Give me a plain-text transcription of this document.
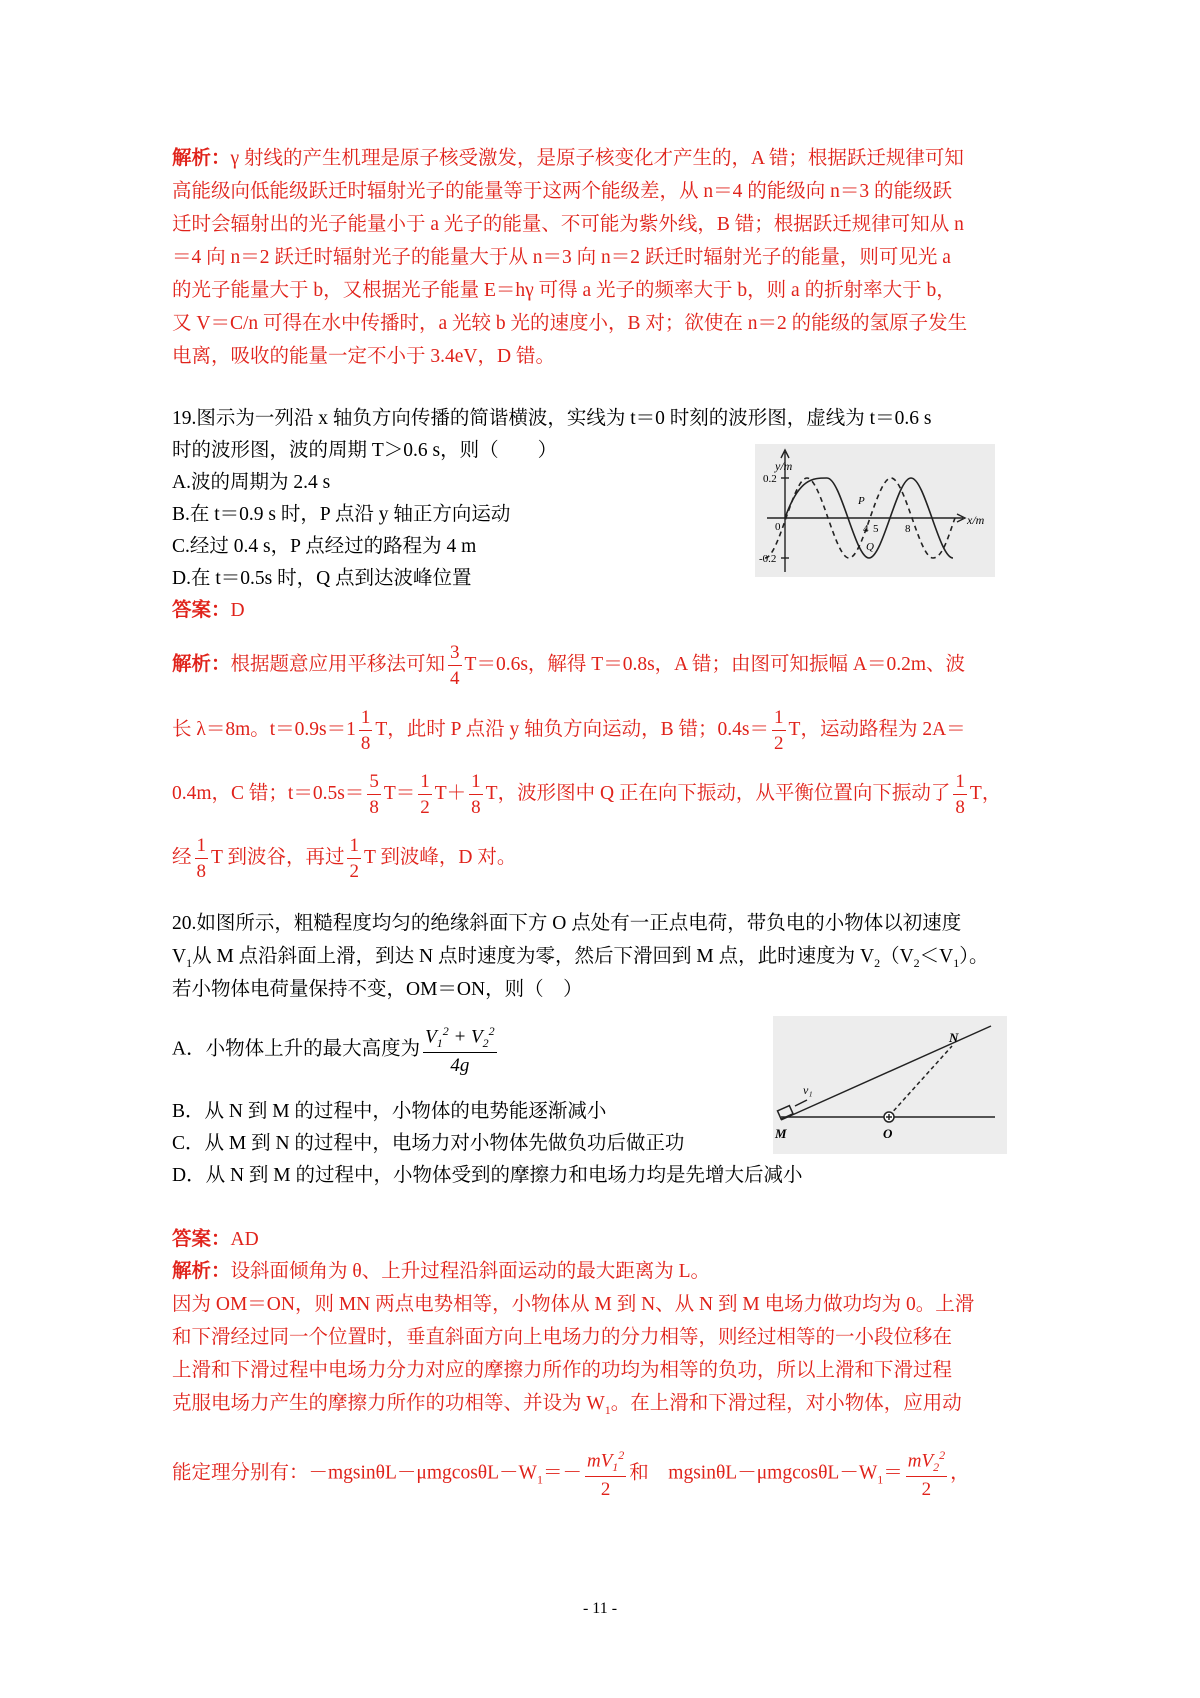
解析：γ 射线的产生机理是原子核受激发，是原子核变化才产生的，A 错；根据跃迁规律可知
高能级向低能级跃迁时辐射光子的能量等于这两个能级差，从 n＝4 的能级向 n＝3 的能级跃
迁时会辐射出的光子能量小于 a 光子的能量、不可能为紫外线，B 错；根据跃迁规律可知从 n
＝4 向 n＝2 跃迁时辐射光子的能量大于从 n＝3 向 n＝2 跃迁时辐射光子的能量，则可见光 a
的光子能量大于 b，又根据光子能量 E＝hγ 可得 a 光子的频率大于 b，则 a 的折射率大于 b，
又 V＝C/n 可得在水中传播时，a 光较 b 光的速度小，B 对；欲使在 n＝2 的能级的氢原子发生
电离，吸收的能量一定不小于 3.4eV，D 错。
19.图示为一列沿 x 轴负方向传播的简谐横波，实线为 t＝0 时刻的波形图，虚线为 t＝0.6 s
时的波形图，波的周期 T＞0.6 s，则（　　）
A.波的周期为 2.4 s
B.在 t＝0.9 s 时，P 点沿 y 轴正方向运动
C.经过 0.4 s，P 点经过的路程为 4 m
D.在 t＝0.5s 时，Q 点到达波峰位置
答案：D
y/m
x/m
0.2
-0.2
0	4	8
5
P
Q
解析：根据题意应用平移法可知 $\frac{3}{4} T=0.6s$，解得 T＝0.8s，A 错；由图可知振幅 A＝0.2m、波
长 λ＝8m。$t=0.9s=1 \frac{1}{8}$ T，此时 P 点沿 y 轴负方向运动，B 错；$0.4s= \frac{1}{2}$ T，运动路程为 2A＝
0.4m，C 错；$t=0.5s= \frac{5}{8} T= \frac{1}{2} T+ \frac{1}{8}$ T，波形图中 Q 正在向下振动，从平衡位置向下振动了 $\frac{1}{8}$ T，
经 $\frac{1}{8}$ T 到波谷，再过 $\frac{1}{2}$ T 到波峰，D 对。
20.如图所示，粗糙程度均匀的绝缘斜面下方 O 点处有一正点电荷，带负电的小物体以初速度
$V_1$从 M 点沿斜面上滑，到达 N 点时速度为零，然后下滑回到 M 点，此时速度为 $V_2(V_2<V_1)$。
若小物体电荷量保持不变，OM＝ON，则（　）
A．小物体上升的最大高度为 $\frac{V_1^2 + V_2^2}{4g}$
B．从 N 到 M 的过程中，小物体的电势能逐渐减小
C．从 M 到 N 的过程中，电场力对小物体先做负功后做正功
D．从 N 到 M 的过程中，小物体受到的摩擦力和电场力均是先增大后减小
M
N
O
v₁
答案：AD
解析：设斜面倾角为 θ、上升过程沿斜面运动的最大距离为 L。
因为 OM＝ON，则 MN 两点电势相等，小物体从 M 到 N、从 N 到 M 电场力做功均为 0。上滑
和下滑经过同一个位置时，垂直斜面方向上电场力的分力相等，则经过相等的一小段位移在
上滑和下滑过程中电场力分力对应的摩擦力所作的功均为相等的负功，所以上滑和下滑过程
克服电场力产生的摩擦力所作的功相等、并设为 $W_1$。在上滑和下滑过程，对小物体，应用动
能定理分别有：$-mgsin\theta L-\mu mgcos\theta L-W_1=- \frac{mV_1^2}{2}$ 和　$mgsin\theta L-\mu mgcos\theta L-W_1= \frac{mV_2^2}{2}$ ，
- 11 -
